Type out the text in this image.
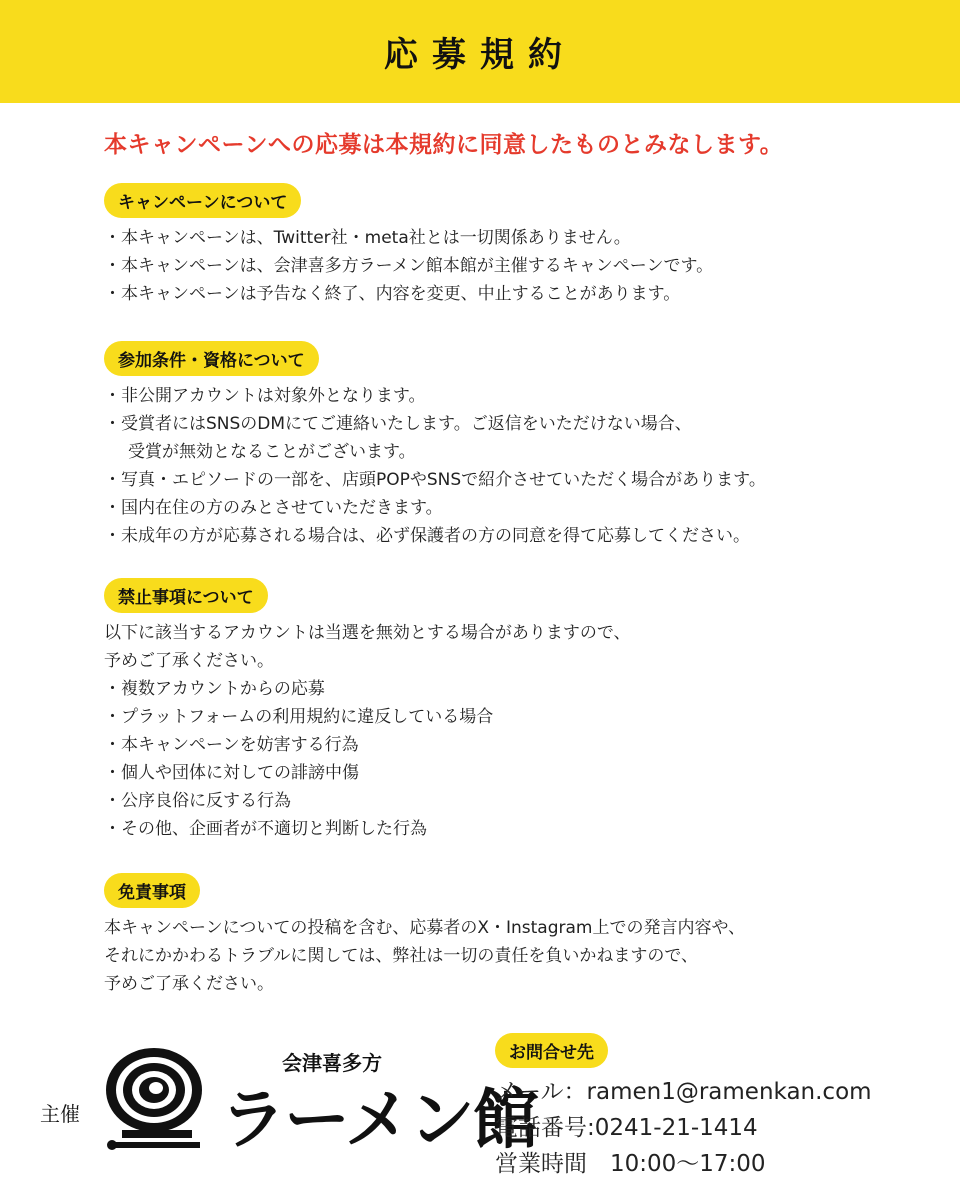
応募規約
本キャンペーンへの応募は本規約に同意したものとみなします。
キャンペーンについて
・本キャンペーンは、Twitter社・meta社とは一切関係ありません。
・本キャンペーンは、会津喜多方ラーメン館本館が主催するキャンペーンです。
・本キャンペーンは予告なく終了、内容を変更、中止することがあります。
参加条件・資格について
・非公開アカウントは対象外となります。
・受賞者にはSNSのDMにてご連絡いたします。ご返信をいただけない場合、
受賞が無効となることがございます。
・写真・エピソードの一部を、店頭POPやSNSで紹介させていただく場合があります。
・国内在住の方のみとさせていただきます。
・未成年の方が応募される場合は、必ず保護者の方の同意を得て応募してください。
禁止事項について
以下に該当するアカウントは当選を無効とする場合がありますので、
予めご了承ください。
・複数アカウントからの応募
・プラットフォームの利用規約に違反している場合
・本キャンペーンを妨害する行為
・個人や団体に対しての誹謗中傷
・公序良俗に反する行為
・その他、企画者が不適切と判断した行為
免責事項
本キャンペーンについての投稿を含む、応募者のX・Instagram上での発言内容や、
それにかかわるトラブルに関しては、弊社は一切の責任を負いかねますので、
予めご了承ください。
主催
会津喜多方
ラーメン館
お問合せ先
メール：ramen1@ramenkan.com
電話番号:0241-21-1414
営業時間　10:00〜17:00
